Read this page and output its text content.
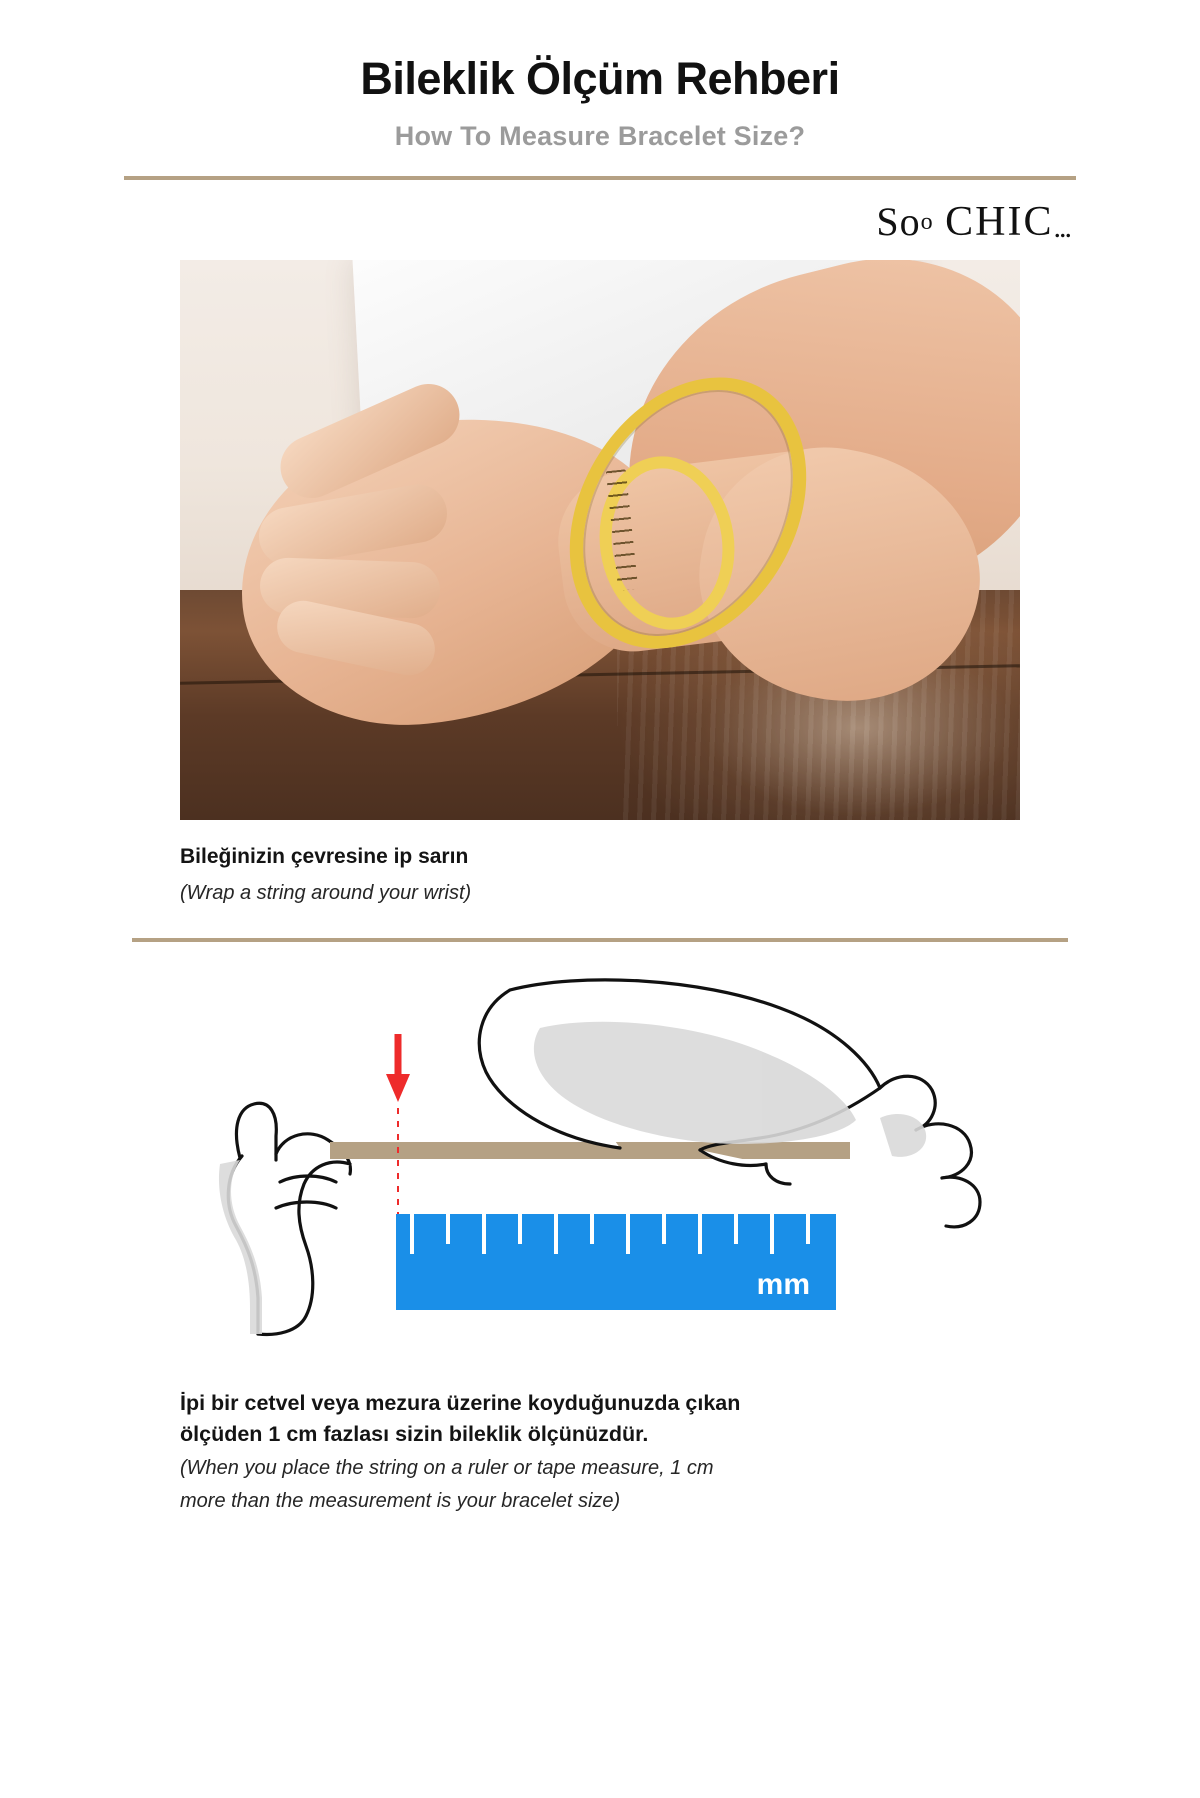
Bileklik Ölçüm Rehberi
How To Measure Bracelet Size?
Soo CHIC...

Bileğinizin çevresine ip sarın

(Wrap a string around your wrist)

mm

İpi bir cetvel veya mezura üzerine koyduğunuzda çıkan

ölçüden 1 cm fazlası sizin bileklik ölçünüzdür.

(When you place the string on a ruler or tape measure, 1 cm

more than the measurement is your bracelet size)
